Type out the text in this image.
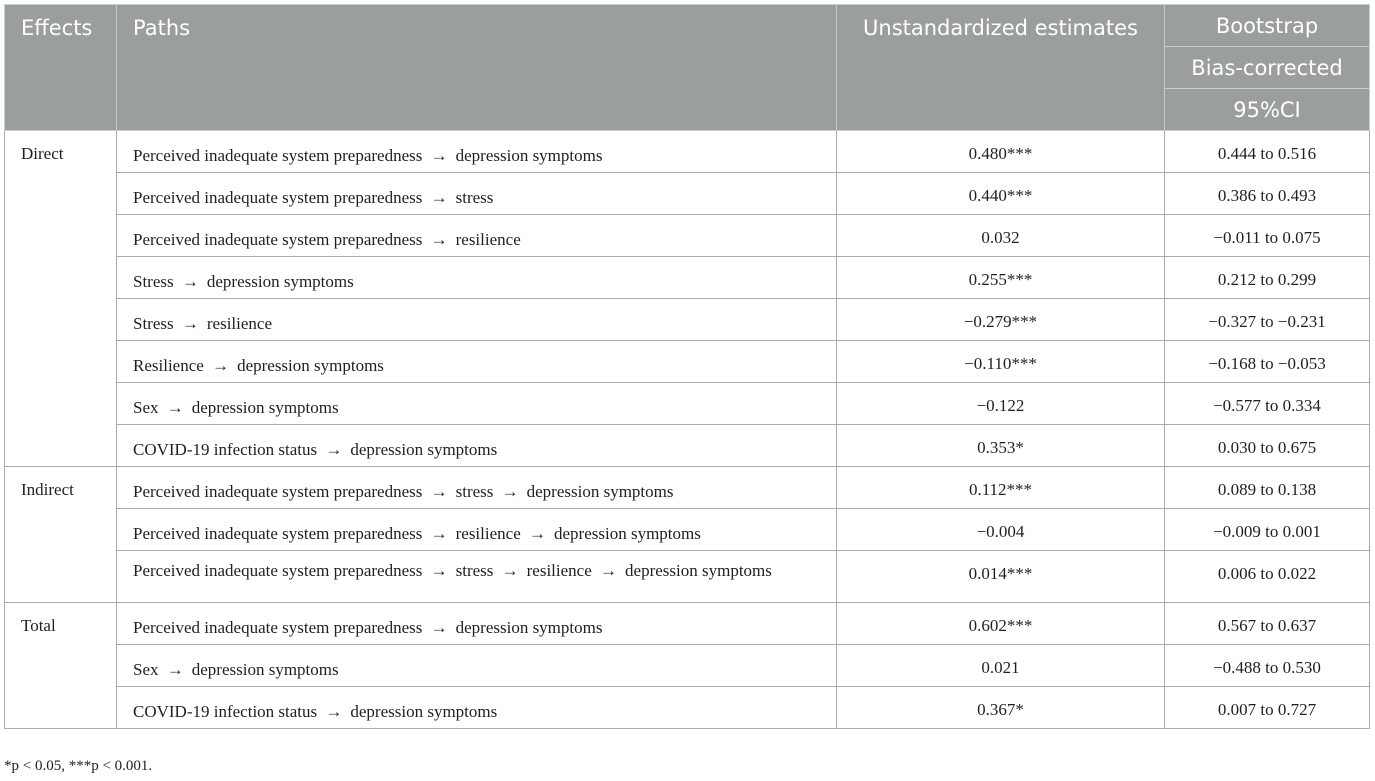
Effects	Paths	Unstandardized estimates	Bootstrap
			Bias-corrected
			95%CI
Direct	Perceived inadequate system preparedness → depression symptoms	0.480***	0.444 to 0.516
	Perceived inadequate system preparedness → stress	0.440***	0.386 to 0.493
	Perceived inadequate system preparedness → resilience	0.032	−0.011 to 0.075
	Stress → depression symptoms	0.255***	0.212 to 0.299
	Stress → resilience	−0.279***	−0.327 to −0.231
	Resilience → depression symptoms	−0.110***	−0.168 to −0.053
	Sex → depression symptoms	−0.122	−0.577 to 0.334
	COVID-19 infection status → depression symptoms	0.353*	0.030 to 0.675
Indirect	Perceived inadequate system preparedness → stress → depression symptoms	0.112***	0.089 to 0.138
	Perceived inadequate system preparedness → resilience → depression symptoms	−0.004	−0.009 to 0.001
	Perceived inadequate system preparedness → stress → resilience → depression symptoms	0.014***	0.006 to 0.022
Total	Perceived inadequate system preparedness → depression symptoms	0.602***	0.567 to 0.637
	Sex → depression symptoms	0.021	−0.488 to 0.530
	COVID-19 infection status → depression symptoms	0.367*	0.007 to 0.727
*p < 0.05, ***p < 0.001.
